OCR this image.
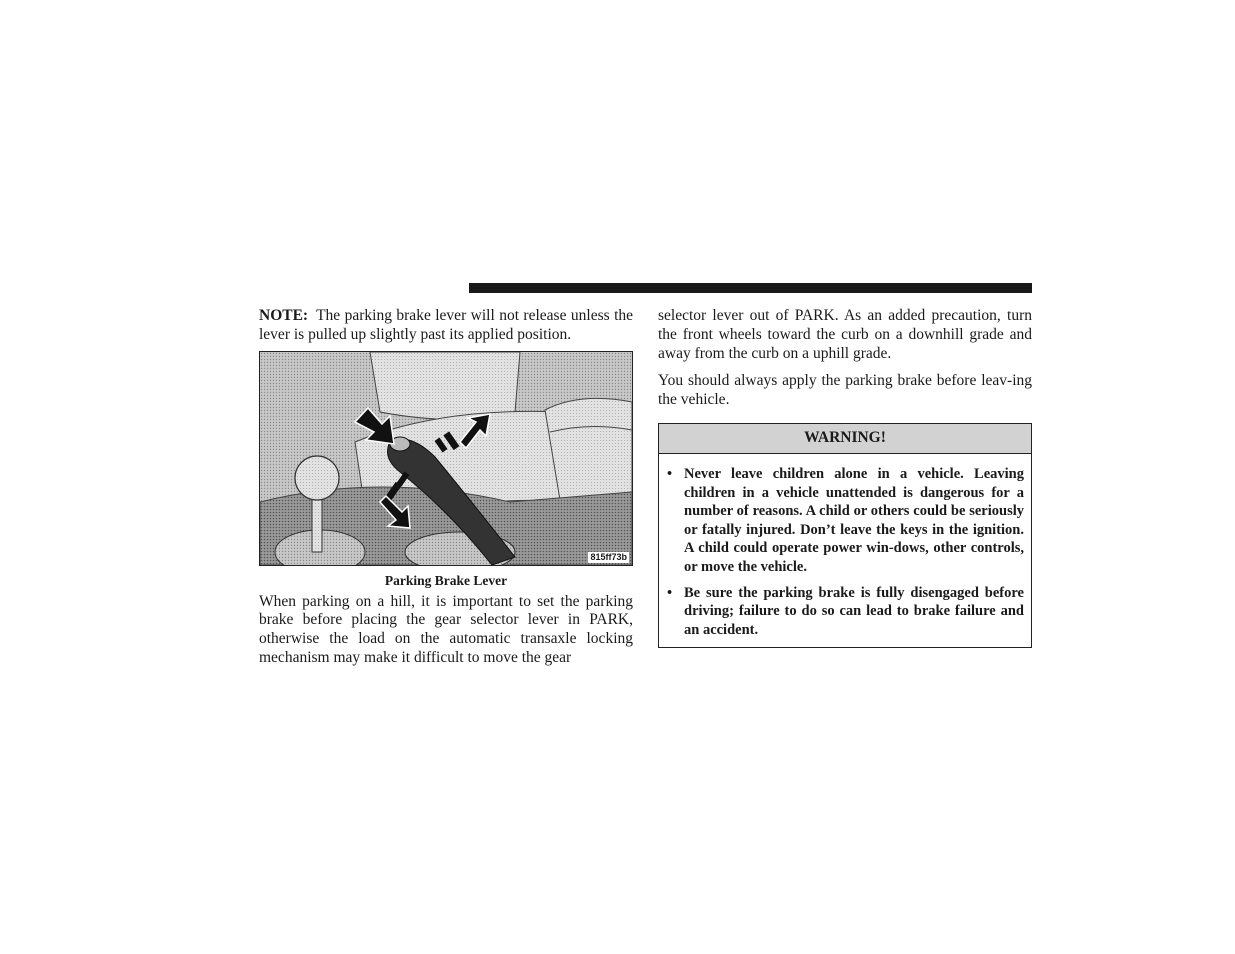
NOTE: The parking brake lever will not release unless the lever is pulled up slightly past its applied position.

815ff73b
Parking Brake Lever

When parking on a hill, it is important to set the parking brake before placing the gear selector lever in PARK, otherwise the load on the automatic transaxle locking mechanism may make it difficult to move the gear

selector lever out of PARK. As an added precaution, turn the front wheels toward the curb on a downhill grade and away from the curb on a uphill grade.

You should always apply the parking brake before leav-ing the vehicle.

WARNING!
• Never leave children alone in a vehicle. Leaving children in a vehicle unattended is dangerous for a number of reasons. A child or others could be seriously or fatally injured. Don’t leave the keys in the ignition. A child could operate power win-dows, other controls, or move the vehicle.
• Be sure the parking brake is fully disengaged before driving; failure to do so can lead to brake failure and an accident.
